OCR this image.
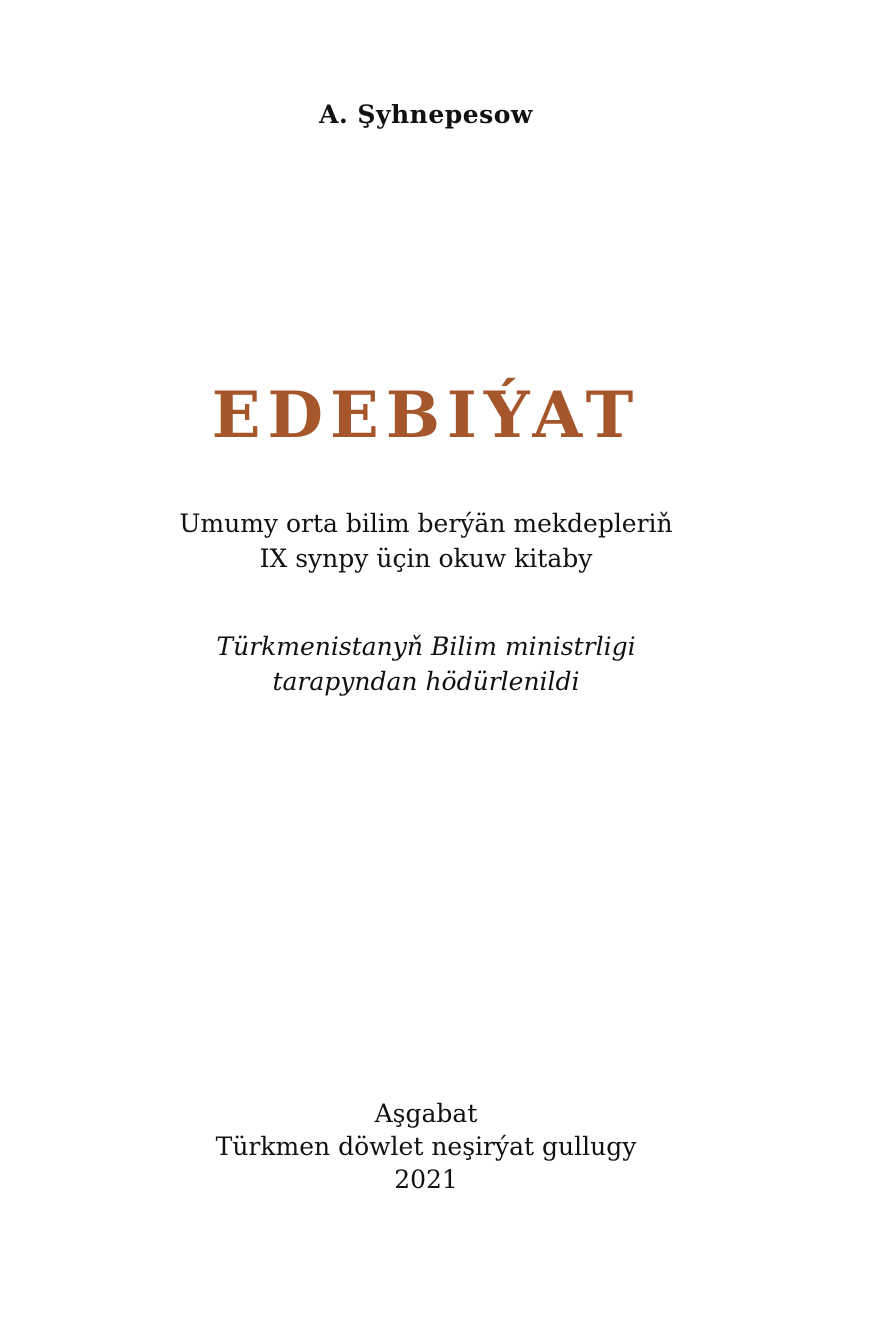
A. Şyhnepesow
EDEBIÝAT
Umumy orta bilim berýän mekdepleriň
IX synpy üçin okuw kitaby
Türkmenistanyň Bilim ministrligi
tarapyndan hödürlenildi
Aşgabat
Türkmen döwlet neşirýat gullugy
2021
